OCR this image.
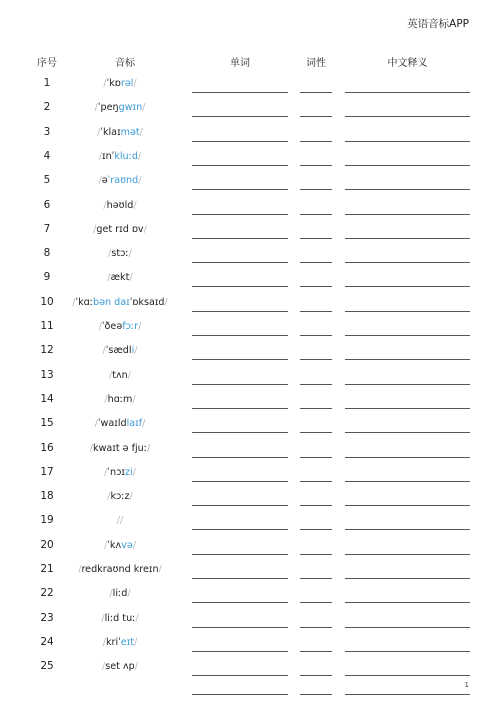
英语音标APP
序号	音标	单词	词性	中文释义
1	/ˈkɒrəl/
2	/ˈpeŋgwɪn/
3	/ˈklaɪmət/
4	/ɪnˈkluːd/
5	/əˈraʊnd/
6	/həʊld/
7	/get rɪd ɒv/
8	/stɔː/
9	/ækt/
10	/ˈkɑːbən daɪˈɒksaɪd/
11	/ˈðeəfɔːr/
12	/ˈsædli/
13	/tʌn/
14	/hɑːm/
15	/ˈwaɪldlaɪf/
16	/kwaɪt ə fjuː/
17	/ˈnɔɪzi/
18	/kɔːz/
19	//
20	/ˈkʌvə/
21	/redkraʊnd kreɪn/
22	/liːd/
23	/liːd tuː/
24	/kriˈeɪt/
25	/set ʌp/
1
